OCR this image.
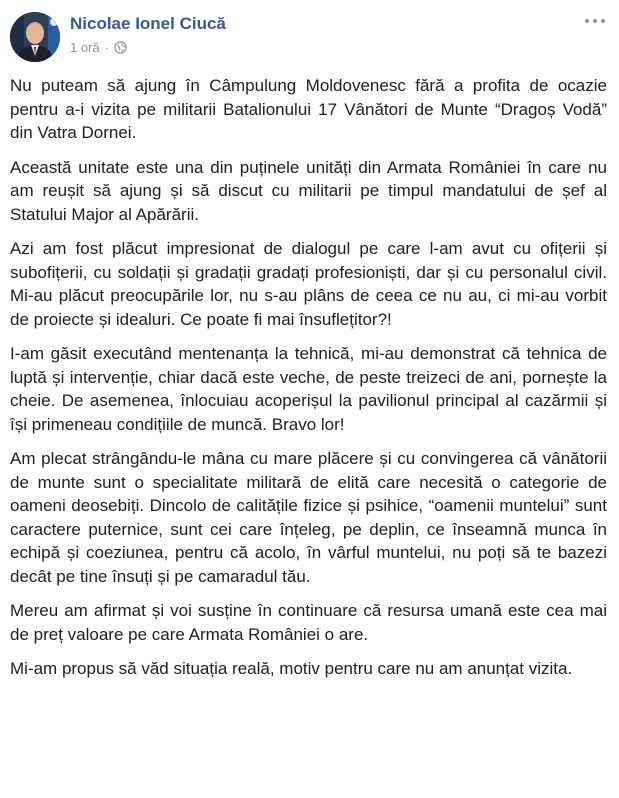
Nicolae Ionel Ciucă
1 oră ·

Nu puteam să ajung în Câmpulung Moldovenesc fără a profita de ocazie pentru a-i vizita pe militarii Batalionului 17 Vânători de Munte “Dragoș Vodă” din Vatra Dornei.

Această unitate este una din puținele unități din Armata României în care nu am reușit să ajung și să discut cu militarii pe timpul mandatului de șef al Statului Major al Apărării.

Azi am fost plăcut impresionat de dialogul pe care l-am avut cu ofițerii și subofițerii, cu soldații și gradații gradați profesioniști, dar și cu personalul civil. Mi-au plăcut preocupările lor, nu s-au plâns de ceea ce nu au, ci mi-au vorbit de proiecte și idealuri. Ce poate fi mai însuflețitor?!

I-am găsit executând mentenanța la tehnică, mi-au demonstrat că tehnica de luptă și intervenție, chiar dacă este veche, de peste treizeci de ani, pornește la cheie. De asemenea, înlocuiau acoperișul la pavilionul principal al cazărmii și își primeneau condițiile de muncă. Bravo lor!

Am plecat strângându-le mâna cu mare plăcere și cu convingerea că vânătorii de munte sunt o specialitate militară de elită care necesită o categorie de oameni deosebiți. Dincolo de calitățile fizice și psihice, “oamenii muntelui” sunt caractere puternice, sunt cei care înțeleg, pe deplin, ce înseamnă munca în echipă și coeziunea, pentru că acolo, în vârful muntelui, nu poți să te bazezi decât pe tine însuți și pe camaradul tău.

Mereu am afirmat și voi susține în continuare că resursa umană este cea mai de preț valoare pe care Armata României o are.

Mi-am propus să văd situația reală, motiv pentru care nu am anunțat vizita.
